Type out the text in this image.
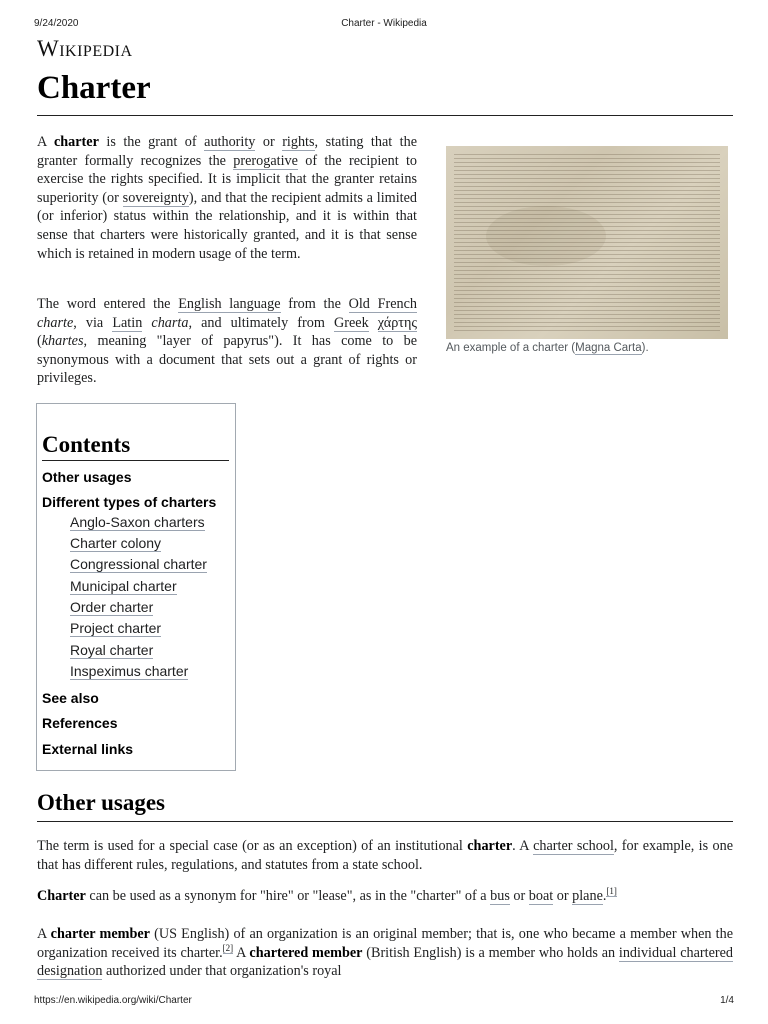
9/24/2020	Charter - Wikipedia
Wikipedia
Charter
A charter is the grant of authority or rights, stating that the granter formally recognizes the prerogative of the recipient to exercise the rights specified. It is implicit that the granter retains superiority (or sovereignty), and that the recipient admits a limited (or inferior) status within the relationship, and it is within that sense that charters were historically granted, and it is that sense which is retained in modern usage of the term.
The word entered the English language from the Old French charte, via Latin charta, and ultimately from Greek χάρτης (khartes, meaning "layer of papyrus"). It has come to be synonymous with a document that sets out a grant of rights or privileges.
An example of a charter (Magna Carta).
Contents
Other usages
Different types of charters
Anglo-Saxon charters
Charter colony
Congressional charter
Municipal charter
Order charter
Project charter
Royal charter
Inspeximus charter
See also
References
External links
Other usages
The term is used for a special case (or as an exception) of an institutional charter. A charter school, for example, is one that has different rules, regulations, and statutes from a state school.
Charter can be used as a synonym for "hire" or "lease", as in the "charter" of a bus or boat or plane.[1]
A charter member (US English) of an organization is an original member; that is, one who became a member when the organization received its charter.[2] A chartered member (British English) is a member who holds an individual chartered designation authorized under that organization's royal
https://en.wikipedia.org/wiki/Charter	1/4
